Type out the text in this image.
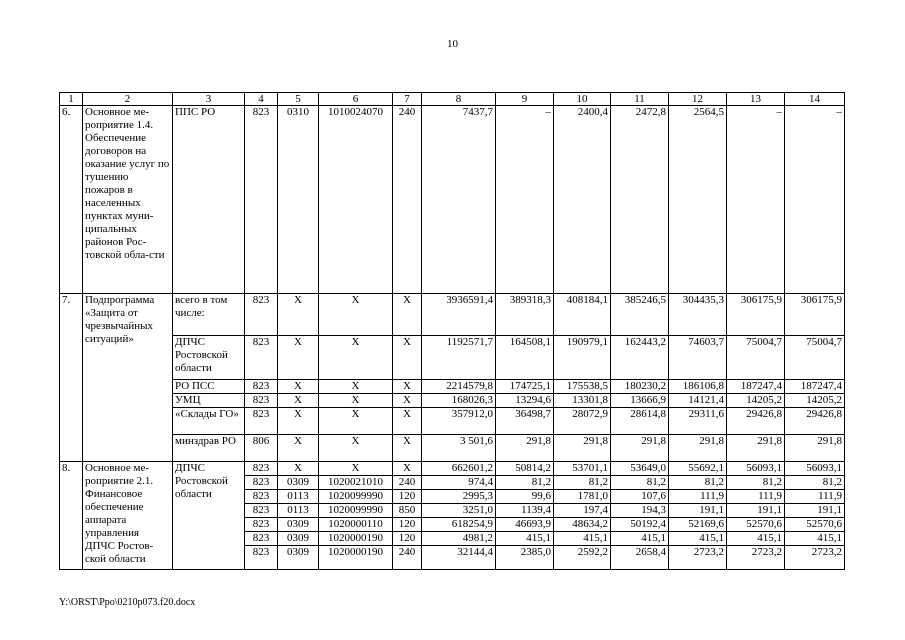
10
1	2	3	4	5	6	7	8	9	10	11	12	13	14
6.	Основное ме-роприятие 1.4. Обеспечение договоров на оказание услуг по тушению пожаров в населенных пунктах муни-ципальных районов Рос-товской обла-сти	ППС РО	823	0310	1010024070	240	7437,7	–	2400,4	2472,8	2564,5	–	–
7.	Подпрограмма «Защита от чрезвычайных ситуаций»	всего в том числе:	823	Х	Х	Х	3936591,4	389318,3	408184,1	385246,5	304435,3	306175,9	306175,9
		ДПЧС Ростовской области	823	Х	Х	Х	1192571,7	164508,1	190979,1	162443,2	74603,7	75004,7	75004,7
		РО ПСС	823	Х	Х	Х	2214579,8	174725,1	175538,5	180230,2	186106,8	187247,4	187247,4
		УМЦ	823	Х	Х	Х	168026,3	13294,6	13301,8	13666,9	14121,4	14205,2	14205,2
		«Склады ГО»	823	Х	Х	Х	357912,0	36498,7	28072,9	28614,8	29311,6	29426,8	29426,8
		минздрав РО	806	Х	Х	Х	3 501,6	291,8	291,8	291,8	291,8	291,8	291,8
8.	Основное ме-роприятие 2.1. Финансовое обеспечение аппарата управления ДПЧС Ростов-ской области	ДПЧС Ростовской области	823	Х	Х	Х	662601,2	50814,2	53701,1	53649,0	55692,1	56093,1	56093,1
			823	0309	1020021010	240	974,4	81,2	81,2	81,2	81,2	81,2	81,2
			823	0113	1020099990	120	2995,3	99,6	1781,0	107,6	111,9	111,9	111,9
			823	0113	1020099990	850	3251,0	1139,4	197,4	194,3	191,1	191,1	191,1
			823	0309	1020000110	120	618254,9	46693,9	48634,2	50192,4	52169,6	52570,6	52570,6
			823	0309	1020000190	120	4981,2	415,1	415,1	415,1	415,1	415,1	415,1
			823	0309	1020000190	240	32144,4	2385,0	2592,2	2658,4	2723,2	2723,2	2723,2
Y:\ORST\Ppo\0210p073.f20.docx
